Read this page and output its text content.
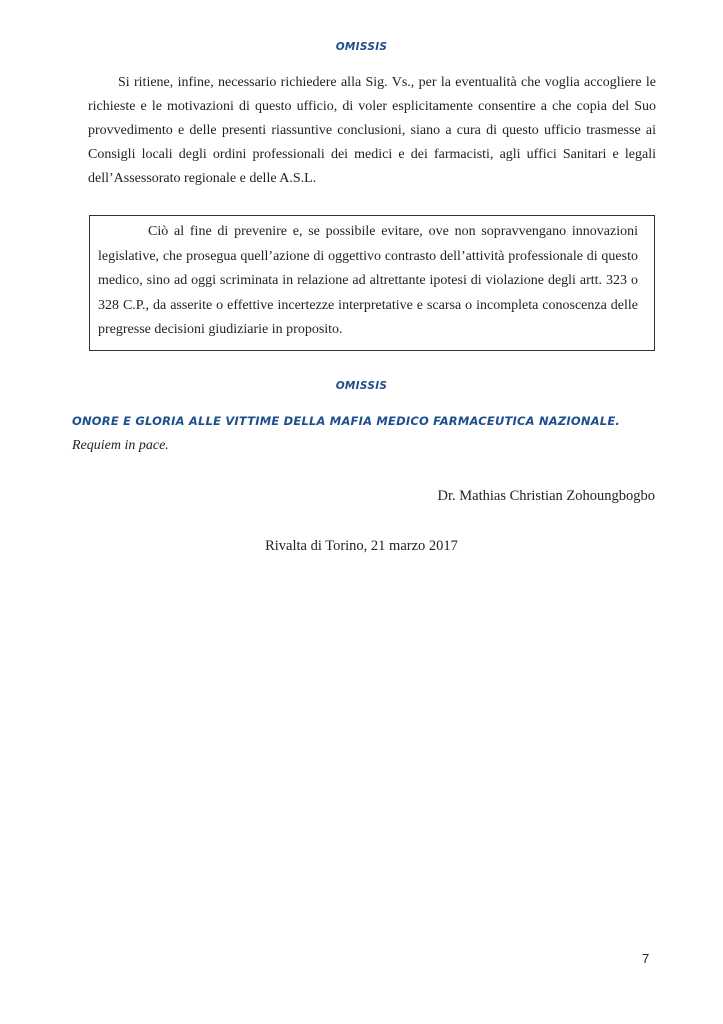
OMISSIS

Si ritiene, infine, necessario richiedere alla Sig. Vs., per la eventualità che voglia accogliere le richieste e le motivazioni di questo ufficio, di voler esplicitamente consentire a che copia del Suo provvedimento e delle presenti riassuntive conclusioni, siano a cura di questo ufficio trasmesse ai Consigli locali degli ordini professionali dei medici e dei farmacisti, agli uffici Sanitari e legali dell’Assessorato regionale e delle A.S.L.

Ciò al fine di prevenire e, se possibile evitare, ove non sopravvengano innovazioni legislative, che prosegua quell’azione di oggettivo contrasto dell’attività professionale di questo medico, sino ad oggi scriminata in relazione ad altrettante ipotesi di violazione degli artt. 323 o 328 C.P., da asserite o effettive incertezze interpretative e scarsa o incompleta conoscenza delle pregresse decisioni giudiziarie in proposito.

OMISSIS
ONORE E GLORIA ALLE VITTIME DELLA MAFIA MEDICO FARMACEUTICA NAZIONALE.
Requiem in pace.
Dr. Mathias Christian Zohoungbogbo
Rivalta di Torino, 21 marzo 2017
7
